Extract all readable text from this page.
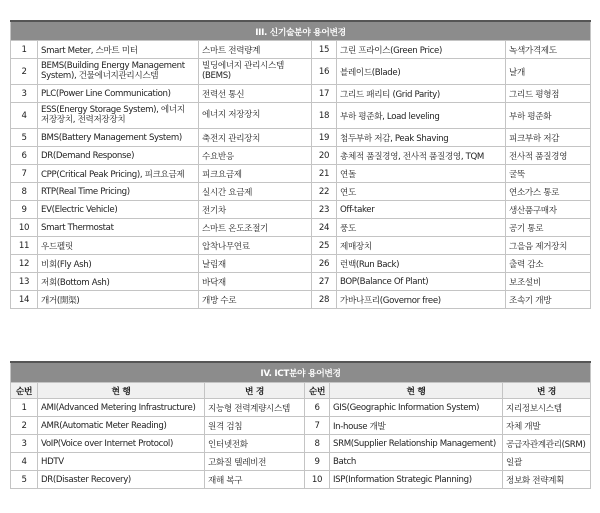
III. 신기술분야 용어변경					
1	Smart Meter, 스마트 미터	스마트 전력량계	15	그린 프라이스(Green Price)	녹색가격제도
2	BEMS(Building Energy Management System), 건물에너지관리시스템	빌딩에너지 관리시스템(BEMS)	16	블레이드(Blade)	날개
3	PLC(Power Line Communication)	전력선 통신	17	그리드 패리티 (Grid Parity)	그리드 평형점
4	ESS(Energy Storage System), 에너지 저장장치, 전력저장장치	에너지 저장장치	18	부하 평준화, Load leveling	부하 평준화
5	BMS(Battery Management System)	축전지 관리장치	19	첨두부하 저감, Peak Shaving	피크부하 저감
6	DR(Demand Response)	수요반응	20	총체적 품질경영, 전사적 품질경영, TQM	전사적 품질경영
7	CPP(Critical Peak Pricing), 피크요금제	피크요금제	21	연돌	굴뚝
8	RTP(Real Time Pricing)	실시간 요금제	22	연도	연소가스 통로
9	EV(Electric Vehicle)	전기차	23	Off-taker	생산품구매자
10	Smart Thermostat	스마트 온도조절기	24	풍도	공기 통로
11	우드펠릿	압착나무연료	25	제매장치	그을음 제거장치
12	비회(Fly Ash)	날림재	26	런백(Run Back)	출력 감소
13	저회(Bottom Ash)	바닥재	27	BOP(Balance Of Plant)	보조설비
14	개거(開渠)	개방 수로	28	가바나프리(Governor free)	조속기 개방
IV. ICT분야 용어변경					
순번	현 행	변 경	순번	현 행	변 경
1	AMI(Advanced Metering Infrastructure)	지능형 전력계량시스템	6	GIS(Geographic Information System)	지리정보시스템
2	AMR(Automatic Meter Reading)	원격 검침	7	In-house 개발	자체 개발
3	VoIP(Voice over Internet Protocol)	인터넷전화	8	SRM(Supplier Relationship Management)	공급자관계관리(SRM)
4	HDTV	고화질 텔레비전	9	Batch	일괄
5	DR(Disaster Recovery)	재해 복구	10	ISP(Information Strategic Planning)	정보화 전략계획
